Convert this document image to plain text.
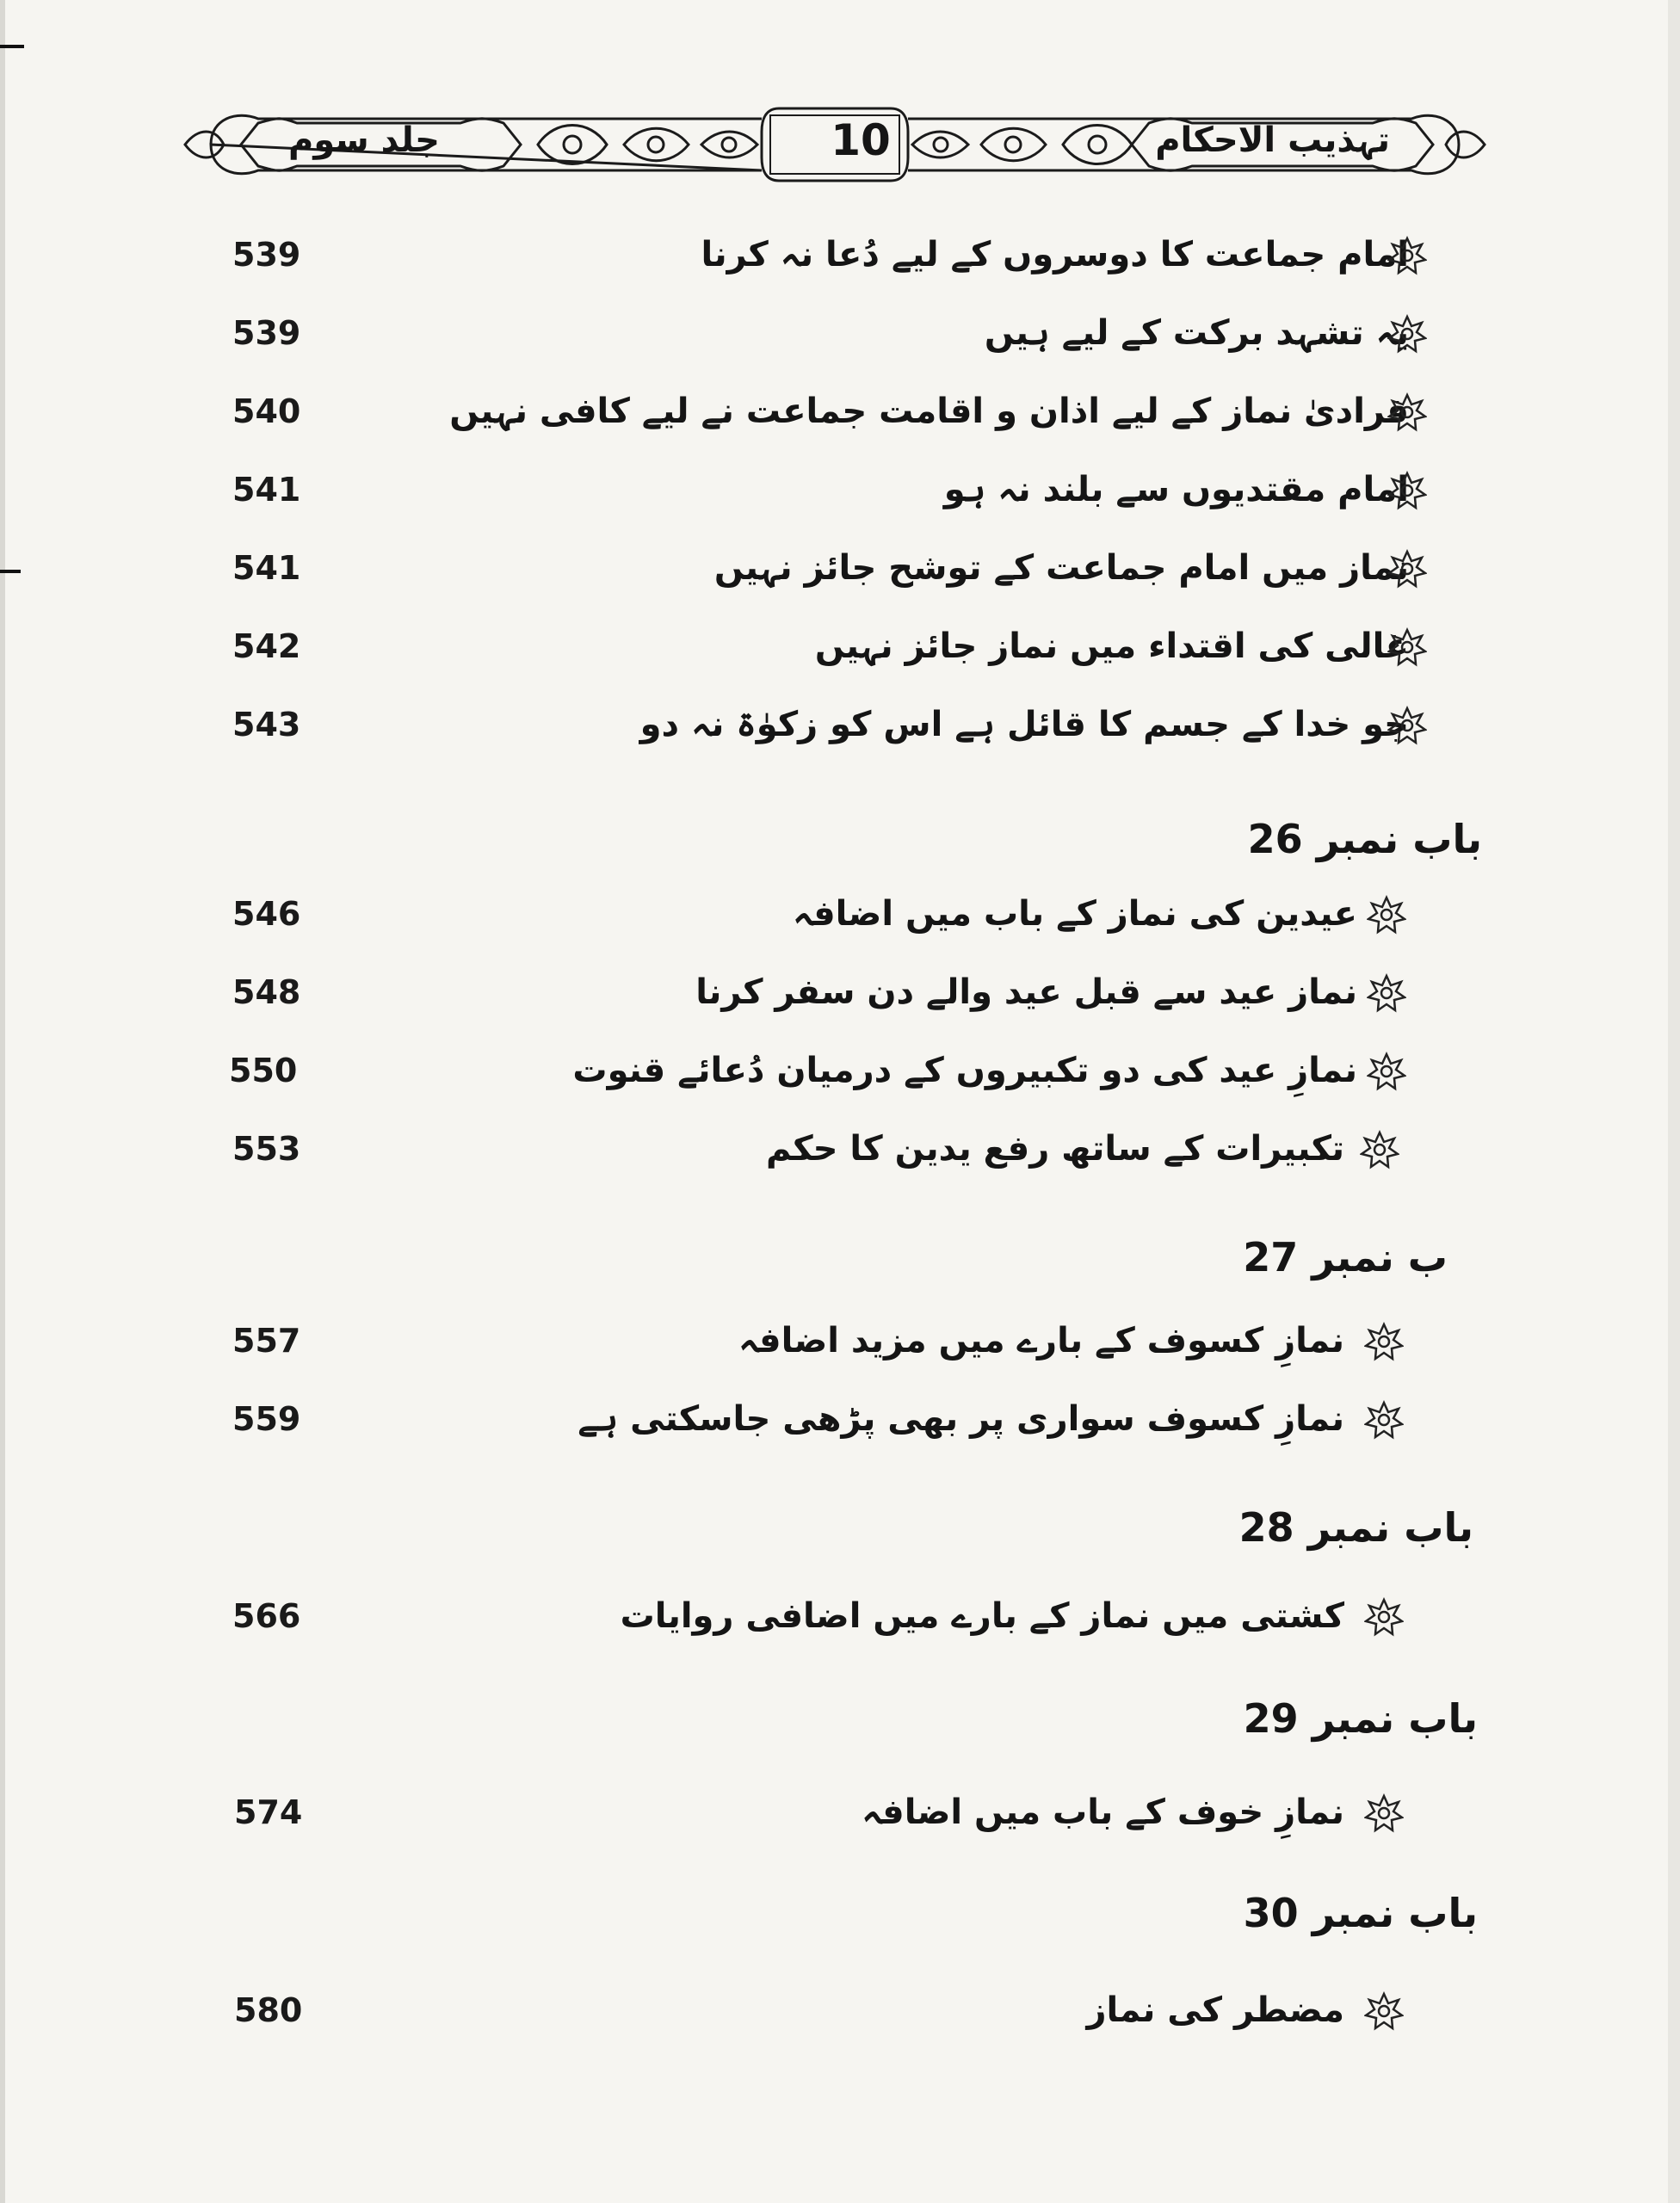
تہذیب الاحکام
10
جلد سوم
539	امام جماعت کا دوسروں کے لیے دُعا نہ کرنا
539	یہ تشہد برکت کے لیے ہیں
540	فرادیٰ نماز کے لیے اذان و اقامت جماعت نے لیے کافی نہیں
541	امام مقتدیوں سے بلند نہ ہو
541	نماز میں امام جماعت کے توشح جائز نہیں
542	غالی کی اقتداء میں نماز جائز نہیں
543	جو خدا کے جسم کا قائل ہے اس کو زکوٰۃ نہ دو
باب نمبر 26
546	عیدین کی نماز کے باب میں اضافہ
548	نماز عید سے قبل عید والے دن سفر کرنا
550	نمازِ عید کی دو تکبیروں کے درمیان دُعائے قنوت
553	تکبیرات کے ساتھ رفع یدین کا حکم
ب نمبر 27
557	نمازِ کسوف کے بارے میں مزید اضافہ
559	نمازِ کسوف سواری پر بھی پڑھی جاسکتی ہے
باب نمبر 28
566	کشتی میں نماز کے بارے میں اضافی روایات
باب نمبر 29
574	نمازِ خوف کے باب میں اضافہ
باب نمبر 30
580	مضطر کی نماز
